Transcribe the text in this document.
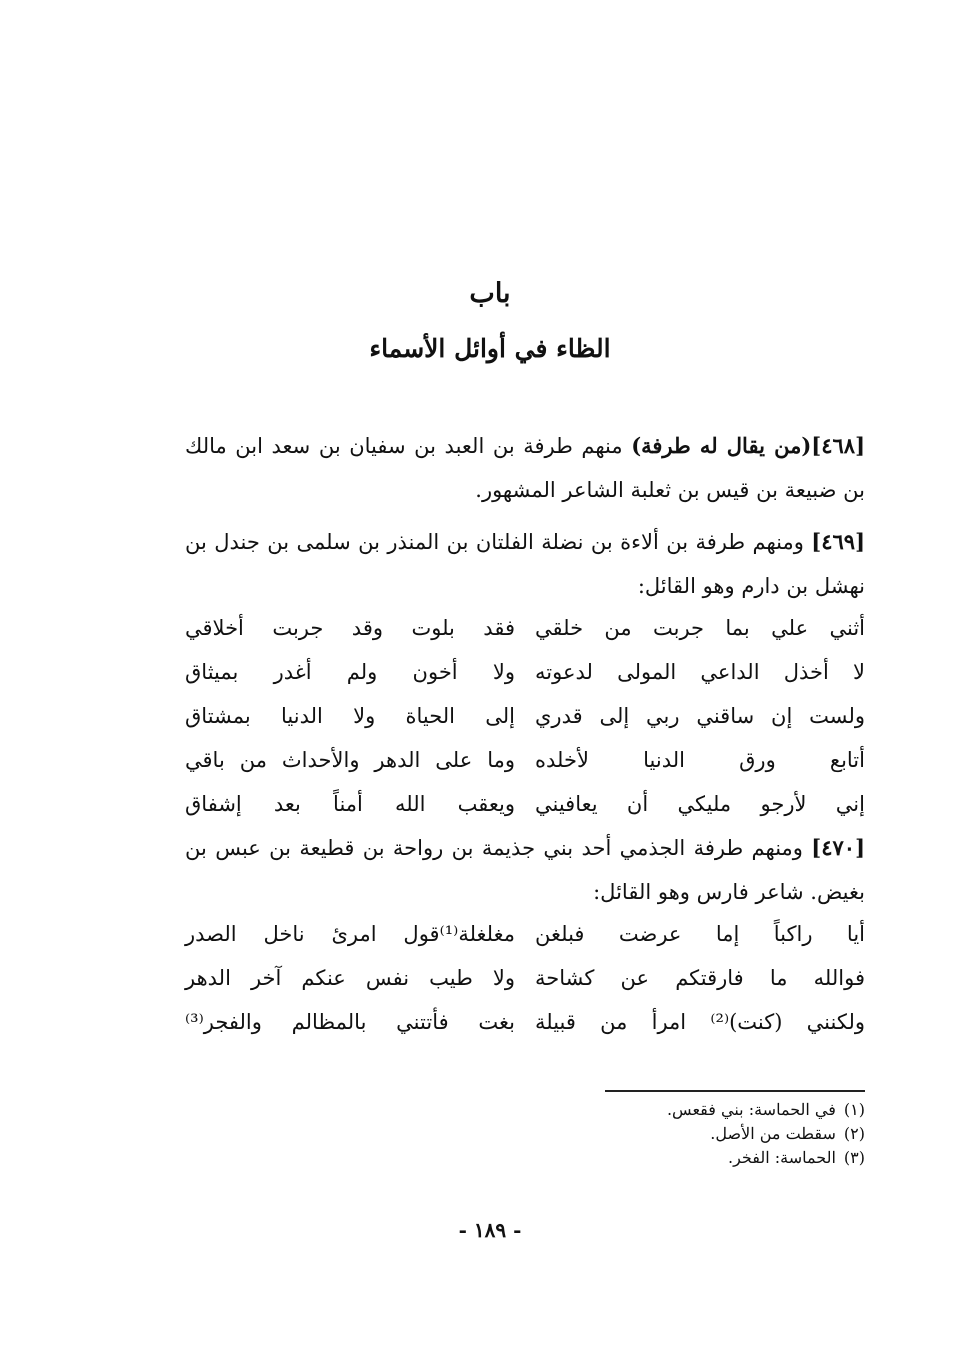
باب
الظاء في أوائل الأسماء
[٤٦٨](من يقال له طرفة) منهم طرفة بن العبد بن سفيان بن سعد ابن مالك بن ضبيعة بن قيس بن ثعلبة الشاعر المشهور.
[٤٦٩] ومنهم طرفة بن ألاءة بن نضلة الفلتان بن المنذر بن سلمى بن جندل بن نهشل بن دارم وهو القائل:
أثني علي بما جربت من خلقي
فقد بلوت وقد جربت أخلاقي
لا أخذل الداعي المولى لدعوته
ولا أخون ولم أغدر بميثاق
ولست إن ساقني ربي إلى قدري
إلى الحياة ولا الدنيا بمشتاق
أتابع ورق الدنيا لأخلده
وما على الدهر والأحداث من باقي
إني لأرجو مليكي أن يعافيني
ويعقب الله أمناً بعد إشفاق
[٤٧٠] ومنهم طرفة الجذمي أحد بني جذيمة بن رواحة بن قطيعة بن عبس بن بغيض. شاعر فارس وهو القائل:
أيا راكباً إما عرضت فبلغن
مغلغلة⁽¹⁾قول امرئ ناخل الصدر
فوالله ما فارقتكم عن كشاحة
ولا طيب نفس عنكم آخر الدهر
ولكنني (كنت)⁽²⁾ امرأ من قبيلة
بغت فأتتني بالمظالم والفجر⁽³⁾
(١)في الحماسة: بني فقعس.
(٢)سقطت من الأصل.
(٣)الحماسة: الفخر.
- ١٨٩ -
